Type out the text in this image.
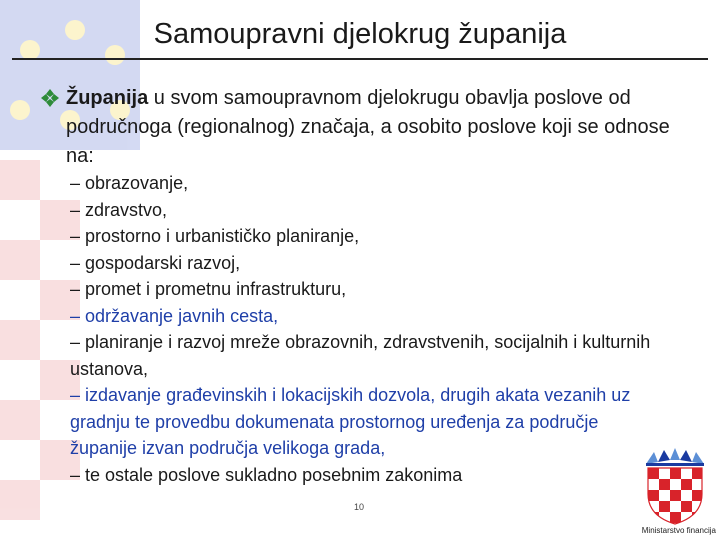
Samoupravni djelokrug županija
Županija u svom samoupravnom djelokrugu obavlja poslove od područnoga (regionalnog) značaja, a osobito poslove koji se odnose na:
– obrazovanje,
– zdravstvo,
– prostorno i urbanističko planiranje,
– gospodarski razvoj,
– promet i prometnu infrastrukturu,
– održavanje javnih cesta,
– planiranje i razvoj mreže obrazovnih, zdravstvenih, socijalnih i kulturnih ustanova,
– izdavanje građevinskih i lokacijskih dozvola, drugih akata vezanih uz gradnju te provedbu dokumenata prostornog uređenja za područje županije izvan područja velikoga grada,
– te ostale poslove sukladno posebnim zakonima
10
Ministarstvo financija
